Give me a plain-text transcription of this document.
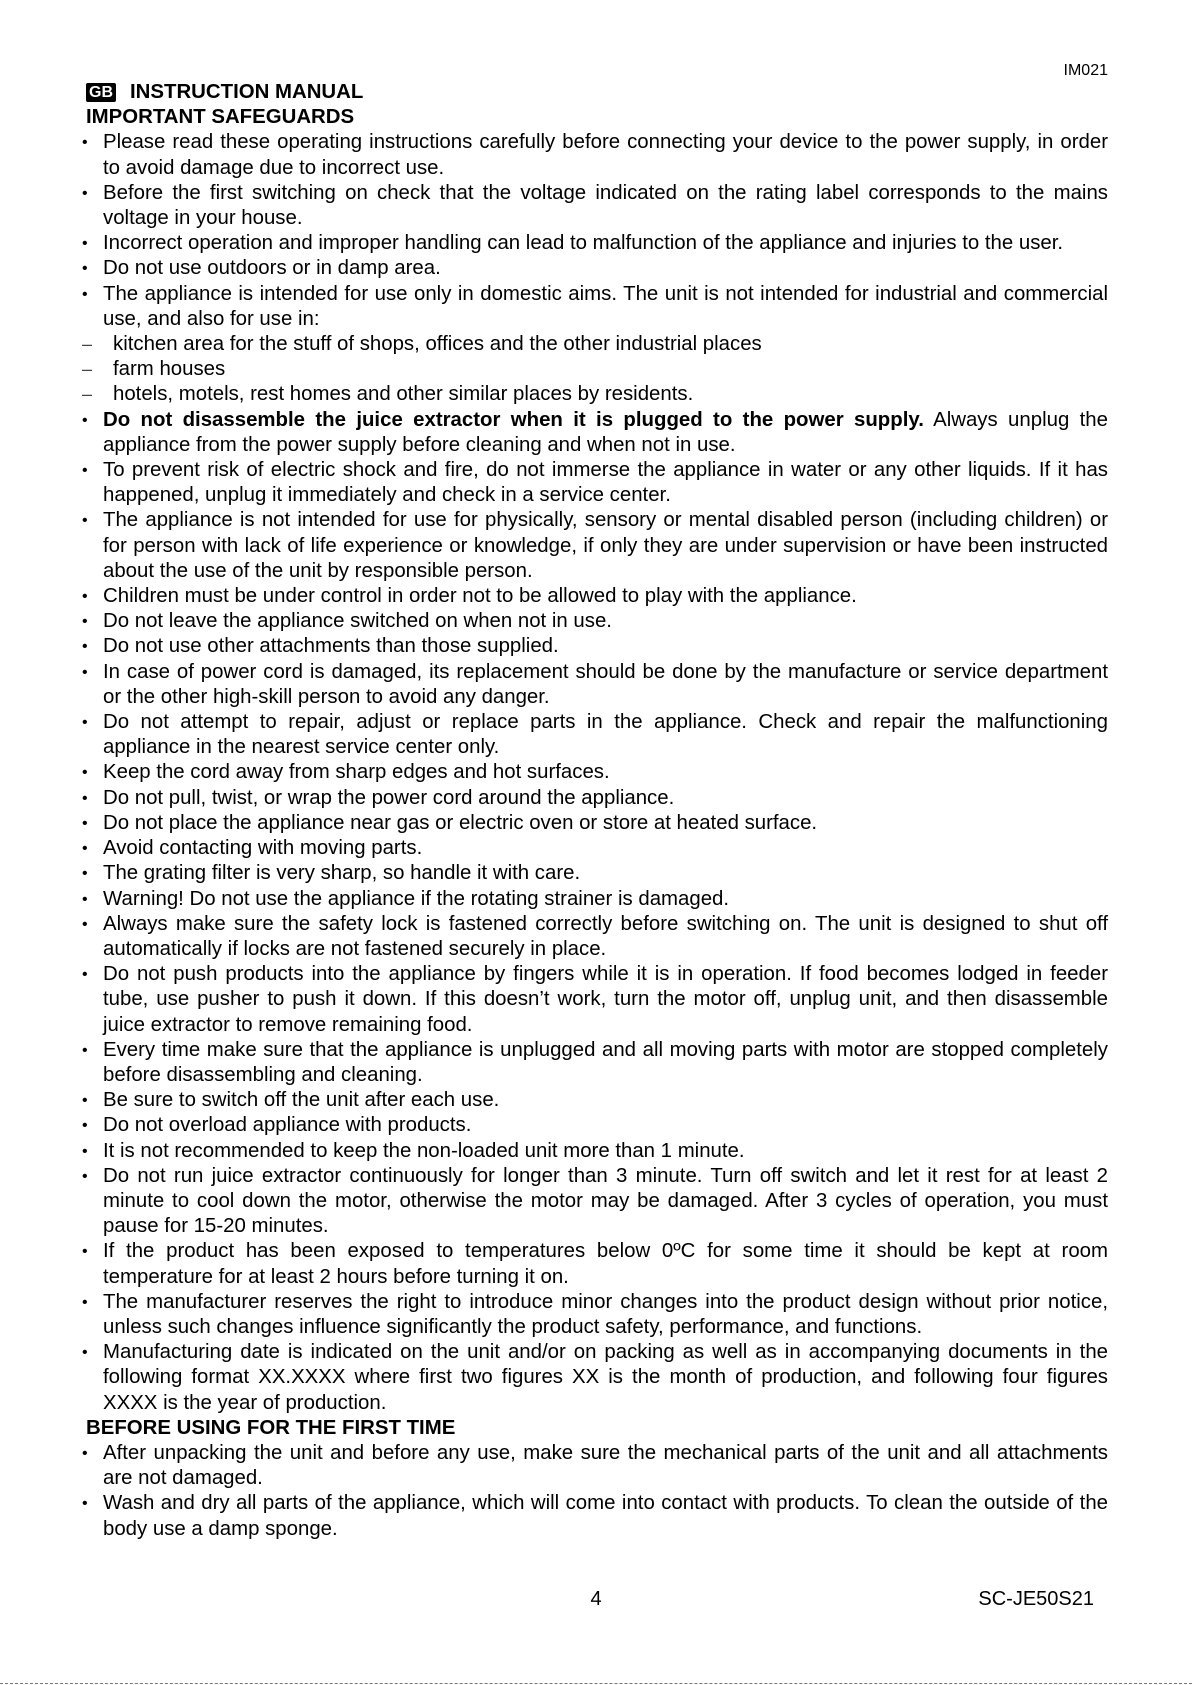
IM021
GB INSTRUCTION MANUAL
IMPORTANT SAFEGUARDS
• Please read these operating instructions carefully before connecting your device to the power supply, in order to avoid damage due to incorrect use.
• Before the first switching on check that the voltage indicated on the rating label corresponds to the mains voltage in your house.
• Incorrect operation and improper handling can lead to malfunction of the appliance and injuries to the user.
• Do not use outdoors or in damp area.
• The appliance is intended for use only in domestic aims. The unit is not intended for industrial and commercial use, and also for use in:
– kitchen area for the stuff of shops, offices and the other industrial places
– farm houses
– hotels, motels, rest homes and other similar places by residents.
• Do not disassemble the juice extractor when it is plugged to the power supply. Always unplug the appliance from the power supply before cleaning and when not in use.
• To prevent risk of electric shock and fire, do not immerse the appliance in water or any other liquids. If it has happened, unplug it immediately and check in a service center.
• The appliance is not intended for use for physically, sensory or mental disabled person (including children) or for person with lack of life experience or knowledge, if only they are under supervision or have been instructed about the use of the unit by responsible person.
• Children must be under control in order not to be allowed to play with the appliance.
• Do not leave the appliance switched on when not in use.
• Do not use other attachments than those supplied.
• In case of power cord is damaged, its replacement should be done by the manufacture or service department or the other high-skill person to avoid any danger.
• Do not attempt to repair, adjust or replace parts in the appliance. Check and repair the malfunctioning appliance in the nearest service center only.
• Keep the cord away from sharp edges and hot surfaces.
• Do not pull, twist, or wrap the power cord around the appliance.
• Do not place the appliance near gas or electric oven or store at heated surface.
• Avoid contacting with moving parts.
• The grating filter is very sharp, so handle it with care.
• Warning! Do not use the appliance if the rotating strainer is damaged.
• Always make sure the safety lock is fastened correctly before switching on. The unit is designed to shut off automatically if locks are not fastened securely in place.
• Do not push products into the appliance by fingers while it is in operation. If food becomes lodged in feeder tube, use pusher to push it down. If this doesn’t work, turn the motor off, unplug unit, and then disassemble juice extractor to remove remaining food.
• Every time make sure that the appliance is unplugged and all moving parts with motor are stopped completely before disassembling and cleaning.
• Be sure to switch off the unit after each use.
• Do not overload appliance with products.
• It is not recommended to keep the non-loaded unit more than 1 minute.
• Do not run juice extractor continuously for longer than 3 minute. Turn off switch and let it rest for at least 2 minute to cool down the motor, otherwise the motor may be damaged. After 3 cycles of operation, you must pause for 15-20 minutes.
• If the product has been exposed to temperatures below 0ºC for some time it should be kept at room temperature for at least 2 hours before turning it on.
• The manufacturer reserves the right to introduce minor changes into the product design without prior notice, unless such changes influence significantly the product safety, performance, and functions.
• Manufacturing date is indicated on the unit and/or on packing as well as in accompanying documents in the following format XX.XXXX where first two figures XX is the month of production, and following four figures XXXX is the year of production.
BEFORE USING FOR THE FIRST TIME
• After unpacking the unit and before any use, make sure the mechanical parts of the unit and all attachments are not damaged.
• Wash and dry all parts of the appliance, which will come into contact with products. To clean the outside of the body use a damp sponge.
4	SC-JE50S21
